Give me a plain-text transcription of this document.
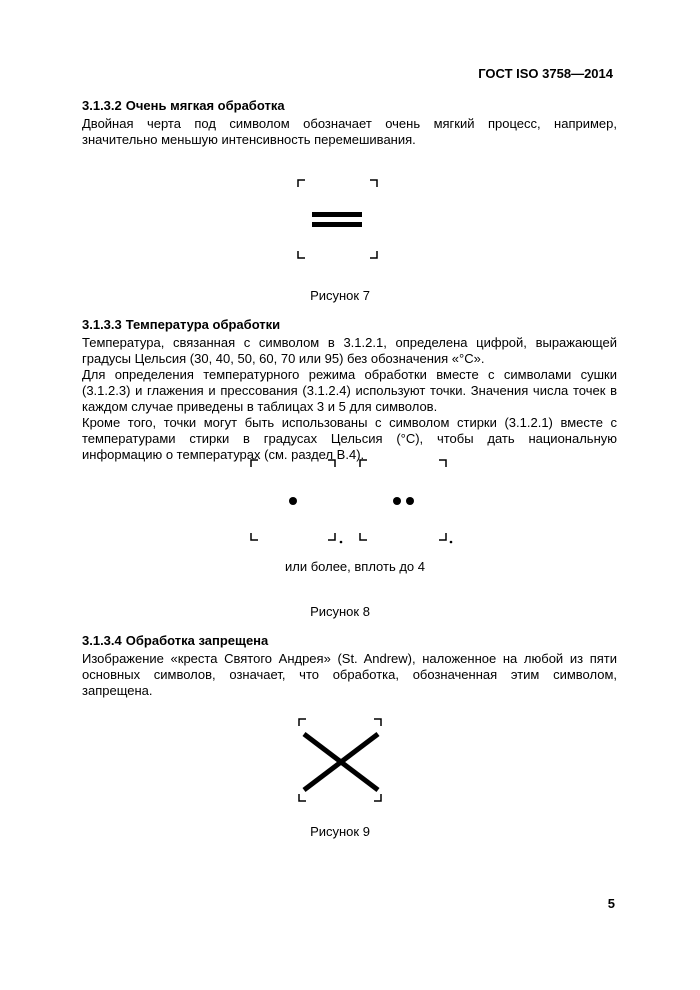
ГОСТ ISO 3758—2014

3.1.3.2 Очень мягкая обработка

Двойная черта под символом обозначает очень мягкий процесс, например, значительно меньшую интенсивность перемешивания.

Рисунок 7

3.1.3.3 Температура обработки

Температура, связанная с символом в 3.1.2.1, определена цифрой, выражающей градусы Цельсия (30, 40, 50, 60, 70 или 95) без обозначения «°С».

Для определения температурного режима обработки вместе с символами сушки (3.1.2.3) и глажения и прессования (3.1.2.4) используют точки. Значения числа точек в каждом случае приведены в таблицах 3 и 5 для символов.

Кроме того, точки могут быть использованы с символом стирки (3.1.2.1) вместе с температурами стирки в градусах Цельсия (°С), чтобы дать национальную информацию о температурах (см. раздел В.4).

или более, вплоть до 4
Рисунок 8

3.1.3.4 Обработка запрещена

Изображение «креста Святого Андрея» (St. Andrew), наложенное на любой из пяти основных символов, означает, что обработка, обозначенная этим символом, запрещена.

Рисунок 9
5
